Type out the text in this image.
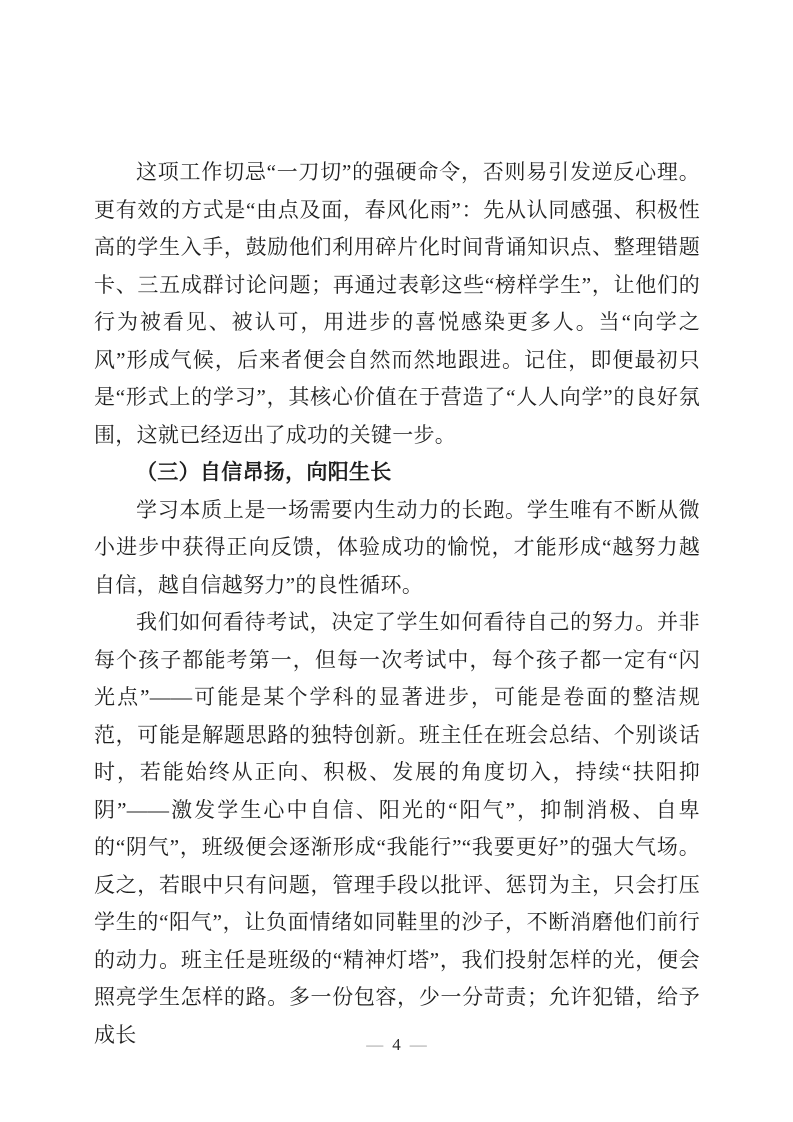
这项工作切忌“一刀切”的强硬命令，否则易引发逆反心理。更有效的方式是“由点及面，春风化雨”：先从认同感强、积极性高的学生入手，鼓励他们利用碎片化时间背诵知识点、整理错题卡、三五成群讨论问题；再通过表彰这些“榜样学生”，让他们的行为被看见、被认可，用进步的喜悦感染更多人。当“向学之风”形成气候，后来者便会自然而然地跟进。记住，即便最初只是“形式上的学习”，其核心价值在于营造了“人人向学”的良好氛围，这就已经迈出了成功的关键一步。

（三）自信昂扬，向阳生长

学习本质上是一场需要内生动力的长跑。学生唯有不断从微小进步中获得正向反馈，体验成功的愉悦，才能形成“越努力越自信，越自信越努力”的良性循环。

我们如何看待考试，决定了学生如何看待自己的努力。并非每个孩子都能考第一，但每一次考试中，每个孩子都一定有“闪光点”——可能是某个学科的显著进步，可能是卷面的整洁规范，可能是解题思路的独特创新。班主任在班会总结、个别谈话时，若能始终从正向、积极、发展的角度切入，持续“扶阳抑阴”——激发学生心中自信、阳光的“阳气”，抑制消极、自卑的“阴气”，班级便会逐渐形成“我能行”“我要更好”的强大气场。反之，若眼中只有问题，管理手段以批评、惩罚为主，只会打压学生的“阳气”，让负面情绪如同鞋里的沙子，不断消磨他们前行的动力。班主任是班级的“精神灯塔”，我们投射怎样的光，便会照亮学生怎样的路。多一份包容，少一分苛责；允许犯错，给予成长	— 4 —
